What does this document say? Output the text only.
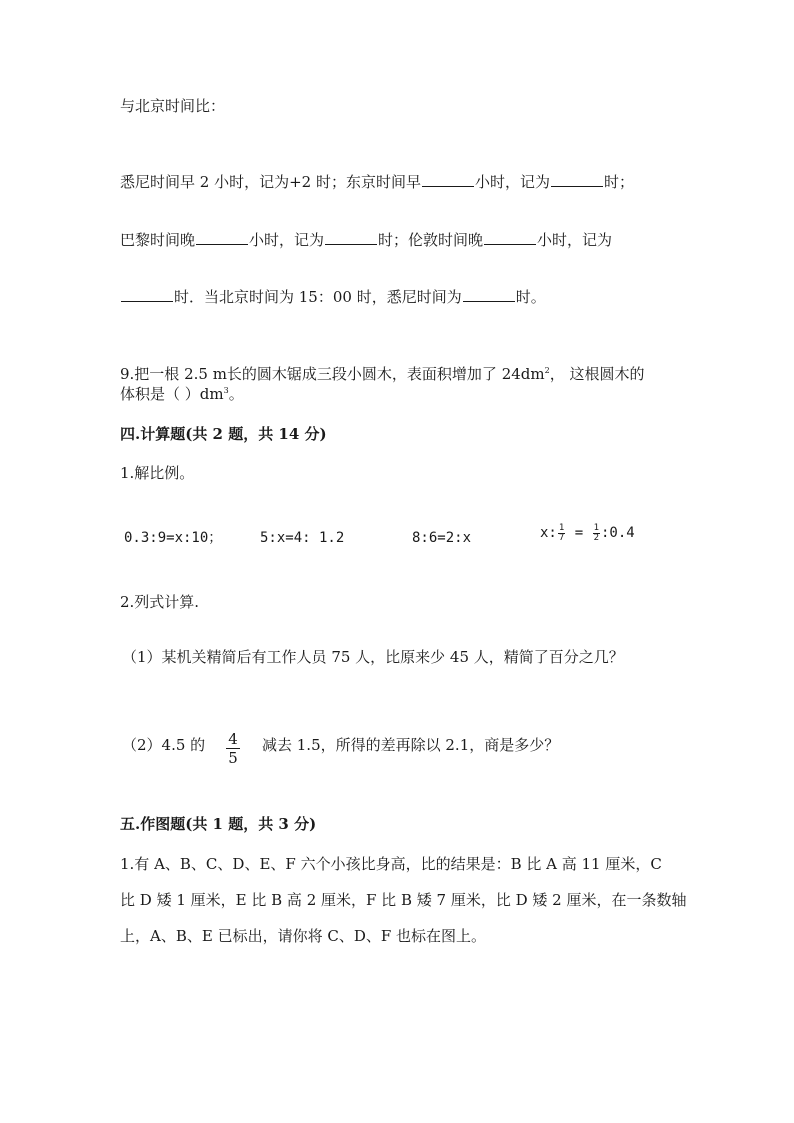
与北京时间比：
悉尼时间早 2 小时，记为+2 时；东京时间早	小时，记为	时；
巴黎时间晚	小时，记为	时；伦敦时间晚	小时，记为
时．当北京时间为 15：00 时，悉尼时间为	时。
9.把一根 2.5 m长的圆木锯成三段小圆木，表面积增加了 $24dm^2$， 这根圆木的
体积是（ ）$dm^3$。
四.计算题(共 2 题，共 14 分)
1.解比例。
0.3:9=x:10；	5:x=4: 1.2	8:6=2:x	x: $\frac{1}{7} = \frac{1}{2}$ :0.4
2.列式计算.
（1）某机关精简后有工作人员 75 人，比原来少 45 人，精简了百分之几？
（2）4.5 的 $\frac{4}{5}$ 减去 1.5，所得的差再除以 2.1，商是多少？
五.作图题(共 1 题，共 3 分)
1.有 A、B、C、D、E、F 六个小孩比身高，比的结果是：B 比 A 高 11 厘米，C
比 D 矮 1 厘米，E 比 B 高 2 厘米，F 比 B 矮 7 厘米，比 D 矮 2 厘米，在一条数轴
上，A、B、E 已标出，请你将 C、D、F 也标在图上。
